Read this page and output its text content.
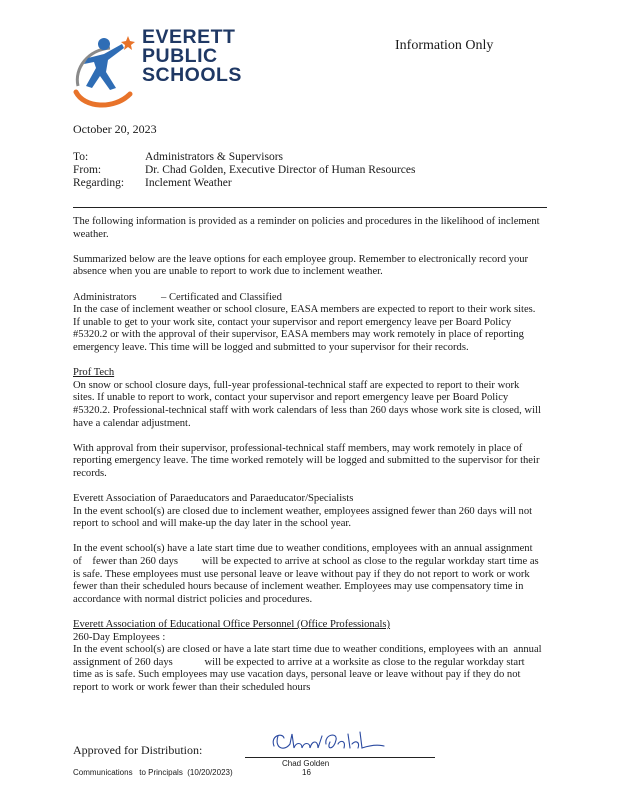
EVERETT
PUBLIC
SCHOOLS
Information Only
October 20, 2023
To:	Administrators & Supervisors
From:	Dr. Chad Golden, Executive Director of Human Resources
Regarding:	Inclement Weather

The following information is provided as a reminder on policies and procedures in the likelihood of inclement weather.

Summarized below are the leave options for each employee group. Remember to electronically record your absence when you are unable to report to work due to inclement weather.

Administrators – Certificated and Classified

In the case of inclement weather or school closure, EASA members are expected to report to their work sites. If unable to get to your work site, contact your supervisor and report emergency leave per Board Policy #5320.2 or with the approval of their supervisor, EASA members may work remotely in place of reporting emergency leave. This time will be logged and submitted to your supervisor for their records.

Prof Tech

On snow or school closure days, full-year professional-technical staff are expected to report to their work sites. If unable to report to work, contact your supervisor and report emergency leave per Board Policy #5320.2. Professional-technical staff with work calendars of less than 260 days whose work site is closed, will have a calendar adjustment.

With approval from their supervisor, professional-technical staff members, may work remotely in place of reporting emergency leave. The time worked remotely will be logged and submitted to the supervisor for their records.

Everett Association of Paraeducators and Paraeducator/Specialists

In the event school(s) are closed due to inclement weather, employees assigned fewer than 260 days will not report to school and will make-up the day later in the school year.

In the event school(s) have a late start time due to weather conditions, employees with an annual assignment of    fewer than 260 days         will be expected to arrive at school as close to the regular workday start time as is safe. These employees must use personal leave or leave without pay if they do not report to work or work fewer than their scheduled hours because of inclement weather. Employees may use compensatory time in accordance with normal district policies and procedures.

Everett Association of Educational Office Personnel (Office Professionals)
260-Day Employees :

In the event school(s) are closed or have a late start time due to weather conditions, employees with an  annual assignment of 260 days            will be expected to arrive at a worksite as close to the regular workday start time as is safe. Such employees may use vacation days, personal leave or leave without pay if they do not report to work or work fewer than their scheduled hours

Approved for Distribution:
Chad Golden
Communications   to Principals  (10/20/2023)	16
